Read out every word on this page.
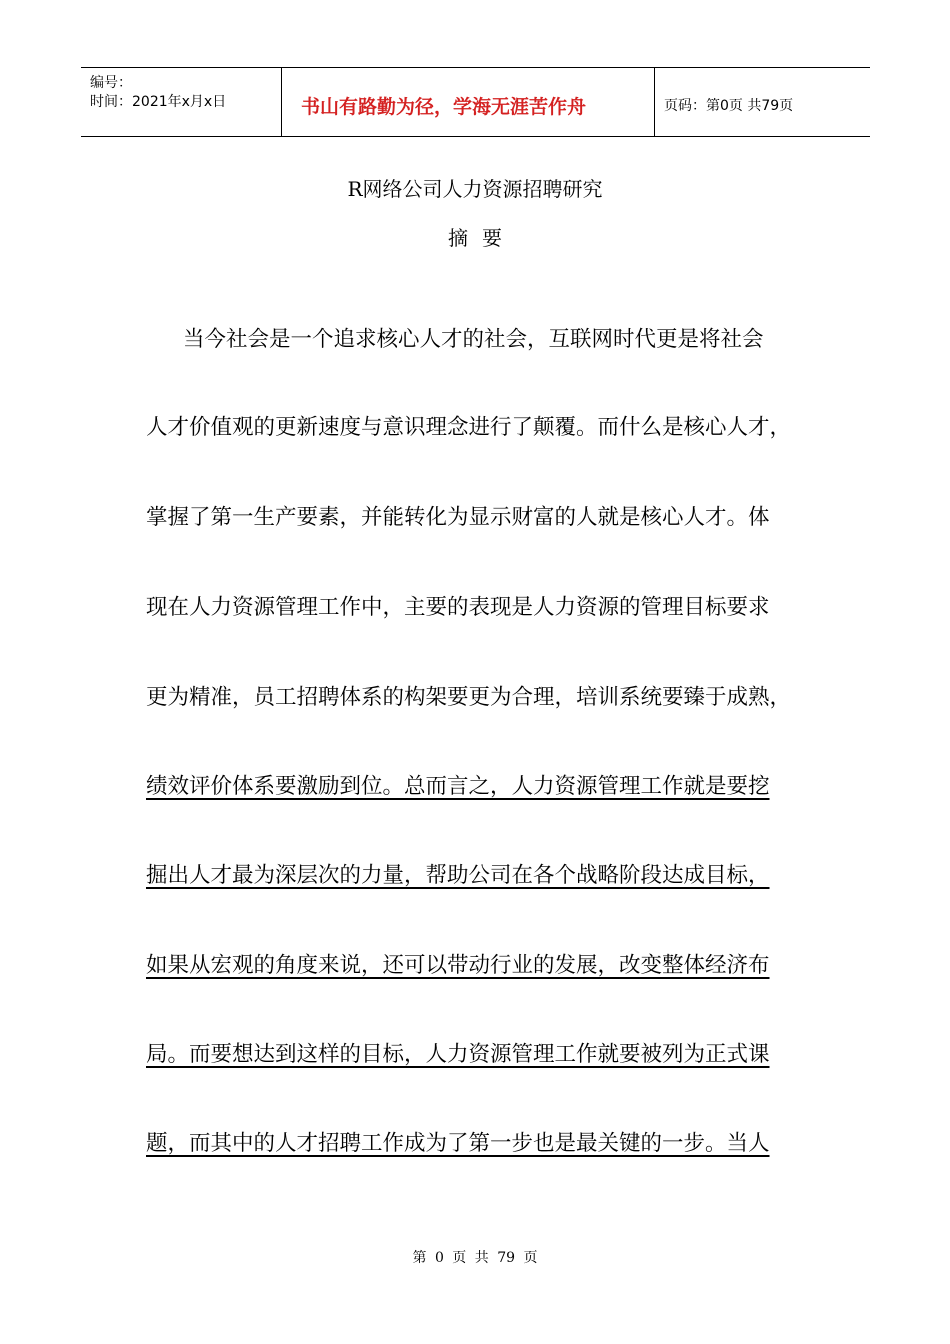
编号：
时间：2021年x月x日	书山有路勤为径，学海无涯苦作舟	页码：第0页 共79页
R网络公司人力资源招聘研究
摘要
当今社会是一个追求核心人才的社会，互联网时代更是将社会
人才价值观的更新速度与意识理念进行了颠覆。而什么是核心人才，
掌握了第一生产要素，并能转化为显示财富的人就是核心人才。体
现在人力资源管理工作中，主要的表现是人力资源的管理目标要求
更为精准，员工招聘体系的构架要更为合理，培训系统要臻于成熟，
绩效评价体系要激励到位。总而言之，人力资源管理工作就是要挖
掘出人才最为深层次的力量，帮助公司在各个战略阶段达成目标，
如果从宏观的角度来说，还可以带动行业的发展，改变整体经济布
局。而要想达到这样的目标，人力资源管理工作就要被列为正式课
题，而其中的人才招聘工作成为了第一步也是最关键的一步。当人
第 0 页 共 79 页
